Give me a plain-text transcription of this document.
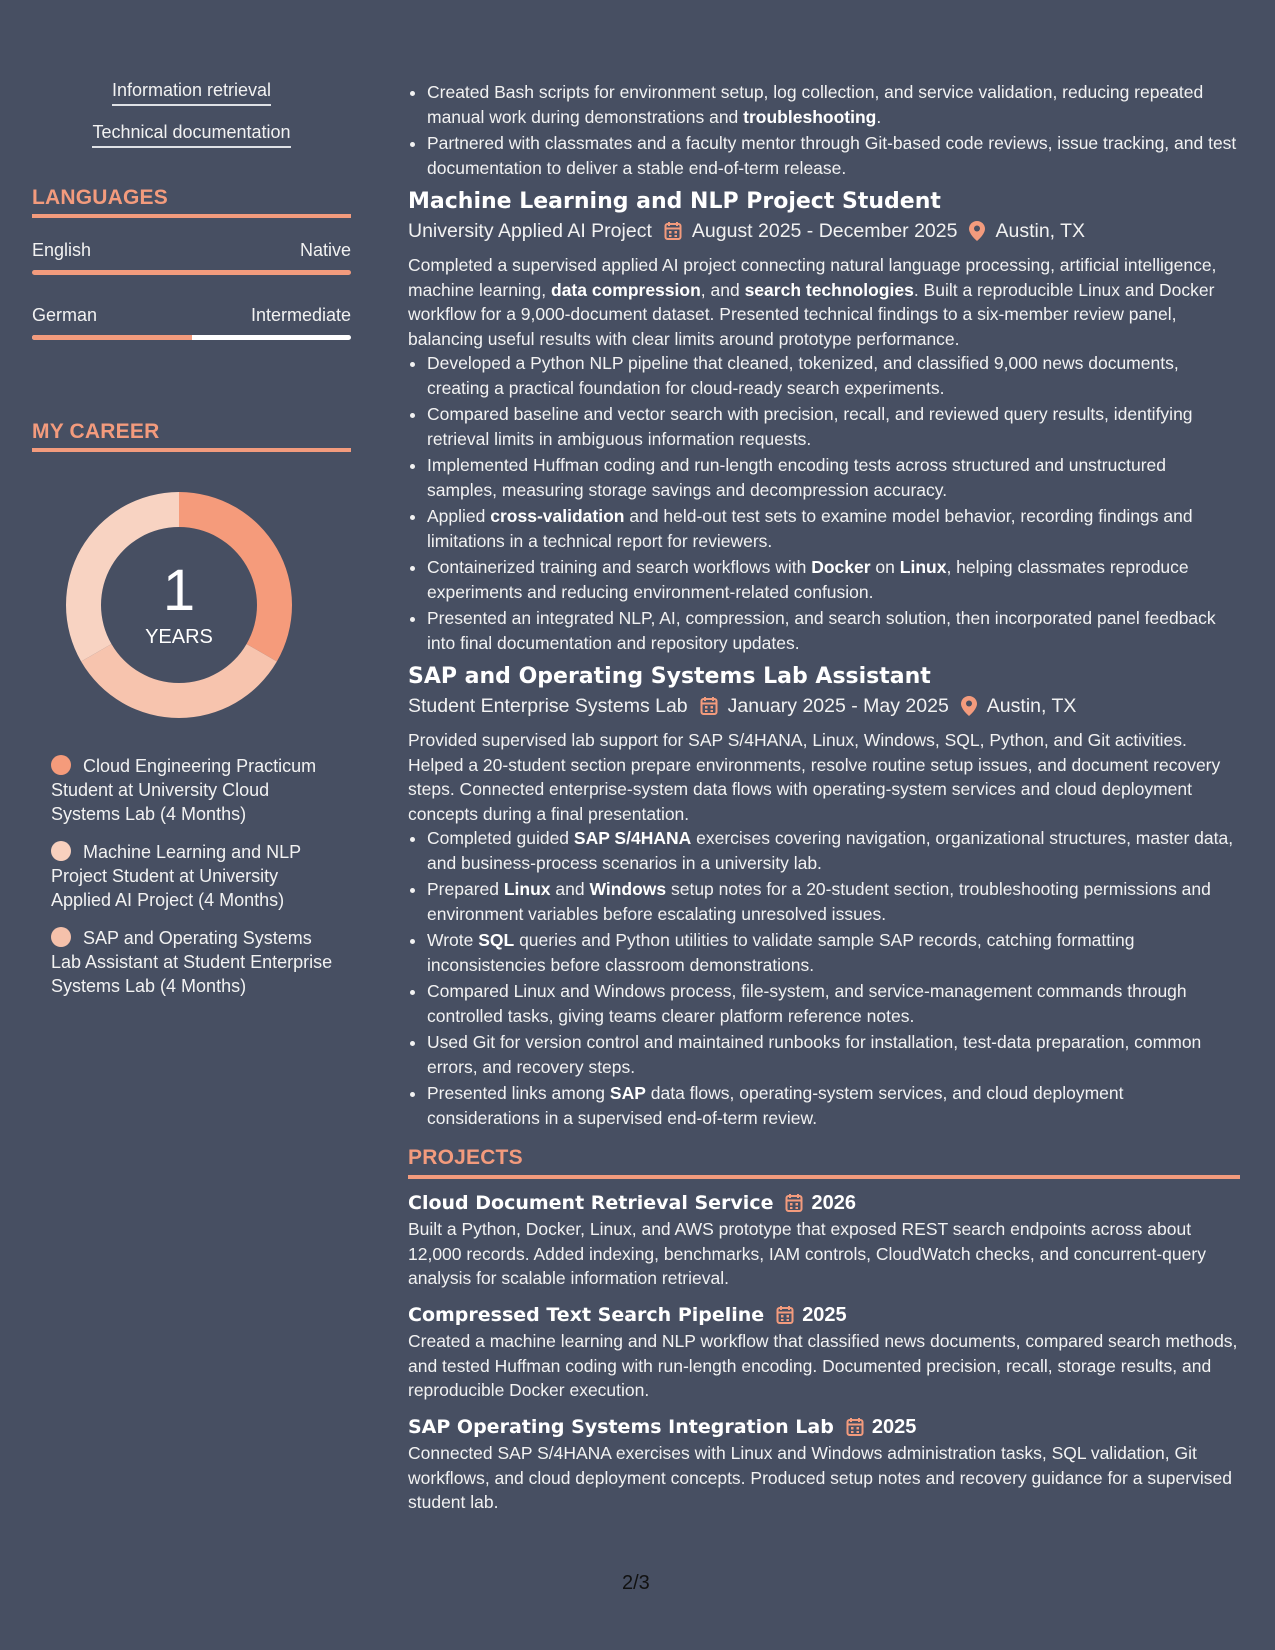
Information retrieval
Technical documentation
LANGUAGES
English	Native
German	Intermediate
MY CAREER
1
YEARS
Cloud Engineering Practicum Student at University Cloud Systems Lab (4 Months)
Machine Learning and NLP Project Student at University Applied AI Project (4 Months)
SAP and Operating Systems Lab Assistant at Student Enterprise Systems Lab (4 Months)
• Created Bash scripts for environment setup, log collection, and service validation, reducing repeated manual work during demonstrations and troubleshooting.
• Partnered with classmates and a faculty mentor through Git-based code reviews, issue tracking, and test documentation to deliver a stable end-of-term release.
Machine Learning and NLP Project Student
University Applied AI Project August 2025 - December 2025 Austin, TX
Completed a supervised applied AI project connecting natural language processing, artificial intelligence, machine learning, data compression, and search technologies. Built a reproducible Linux and Docker workflow for a 9,000-document dataset. Presented technical findings to a six-member review panel, balancing useful results with clear limits around prototype performance.
• Developed a Python NLP pipeline that cleaned, tokenized, and classified 9,000 news documents, creating a practical foundation for cloud-ready search experiments.
• Compared baseline and vector search with precision, recall, and reviewed query results, identifying retrieval limits in ambiguous information requests.
• Implemented Huffman coding and run-length encoding tests across structured and unstructured samples, measuring storage savings and decompression accuracy.
• Applied cross-validation and held-out test sets to examine model behavior, recording findings and limitations in a technical report for reviewers.
• Containerized training and search workflows with Docker on Linux, helping classmates reproduce experiments and reducing environment-related confusion.
• Presented an integrated NLP, AI, compression, and search solution, then incorporated panel feedback into final documentation and repository updates.
SAP and Operating Systems Lab Assistant
Student Enterprise Systems Lab January 2025 - May 2025 Austin, TX
Provided supervised lab support for SAP S/4HANA, Linux, Windows, SQL, Python, and Git activities. Helped a 20-student section prepare environments, resolve routine setup issues, and document recovery steps. Connected enterprise-system data flows with operating-system services and cloud deployment concepts during a final presentation.
• Completed guided SAP S/4HANA exercises covering navigation, organizational structures, master data, and business-process scenarios in a university lab.
• Prepared Linux and Windows setup notes for a 20-student section, troubleshooting permissions and environment variables before escalating unresolved issues.
• Wrote SQL queries and Python utilities to validate sample SAP records, catching formatting inconsistencies before classroom demonstrations.
• Compared Linux and Windows process, file-system, and service-management commands through controlled tasks, giving teams clearer platform reference notes.
• Used Git for version control and maintained runbooks for installation, test-data preparation, common errors, and recovery steps.
• Presented links among SAP data flows, operating-system services, and cloud deployment considerations in a supervised end-of-term review.
PROJECTS
Cloud Document Retrieval Service 2026
Built a Python, Docker, Linux, and AWS prototype that exposed REST search endpoints across about 12,000 records. Added indexing, benchmarks, IAM controls, CloudWatch checks, and concurrent-query analysis for scalable information retrieval.
Compressed Text Search Pipeline 2025
Created a machine learning and NLP workflow that classified news documents, compared search methods, and tested Huffman coding with run-length encoding. Documented precision, recall, storage results, and reproducible Docker execution.
SAP Operating Systems Integration Lab 2025
Connected SAP S/4HANA exercises with Linux and Windows administration tasks, SQL validation, Git workflows, and cloud deployment concepts. Produced setup notes and recovery guidance for a supervised student lab.
2/3
